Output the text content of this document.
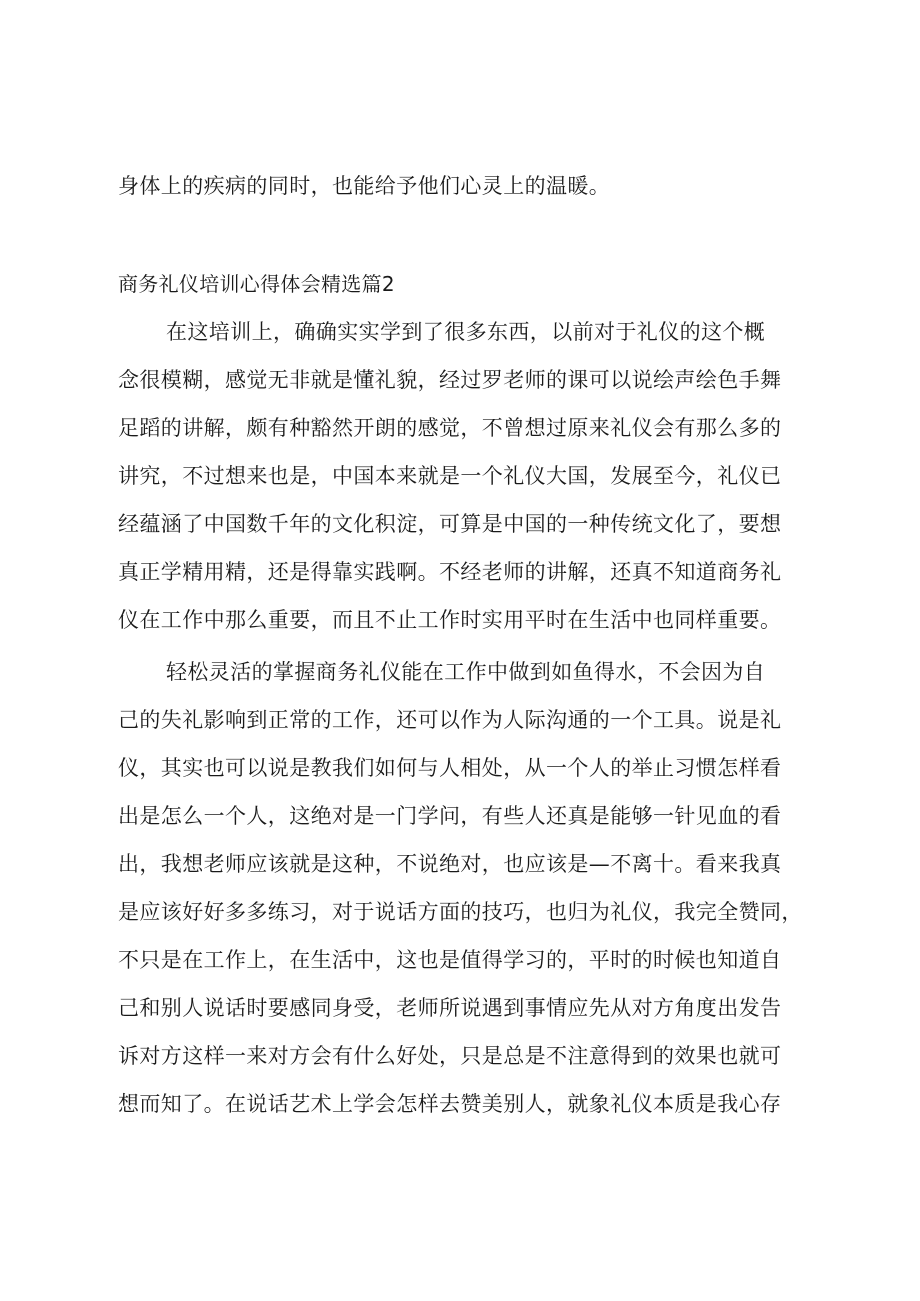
身体上的疾病的同时，也能给予他们心灵上的温暖。
商务礼仪培训心得体会精选篇2
在这培训上，确确实实学到了很多东西，以前对于礼仪的这个概
念很模糊，感觉无非就是懂礼貌，经过罗老师的课可以说绘声绘色手舞
足蹈的讲解，颇有种豁然开朗的感觉，不曾想过原来礼仪会有那么多的
讲究，不过想来也是，中国本来就是一个礼仪大国，发展至今，礼仪已
经蕴涵了中国数千年的文化积淀，可算是中国的一种传统文化了，要想
真正学精用精，还是得靠实践啊。不经老师的讲解，还真不知道商务礼
仪在工作中那么重要，而且不止工作时实用平时在生活中也同样重要。
轻松灵活的掌握商务礼仪能在工作中做到如鱼得水，不会因为自
己的失礼影响到正常的工作，还可以作为人际沟通的一个工具。说是礼
仪，其实也可以说是教我们如何与人相处，从一个人的举止习惯怎样看
出是怎么一个人，这绝对是一门学问，有些人还真是能够一针见血的看
出，我想老师应该就是这种，不说绝对，也应该是—不离十。看来我真
是应该好好多多练习，对于说话方面的技巧，也归为礼仪，我完全赞同，
不只是在工作上，在生活中，这也是值得学习的，平时的时候也知道自
己和别人说话时要感同身受，老师所说遇到事情应先从对方角度出发告
诉对方这样一来对方会有什么好处，只是总是不注意得到的效果也就可
想而知了。在说话艺术上学会怎样去赞美别人，就象礼仪本质是我心存
